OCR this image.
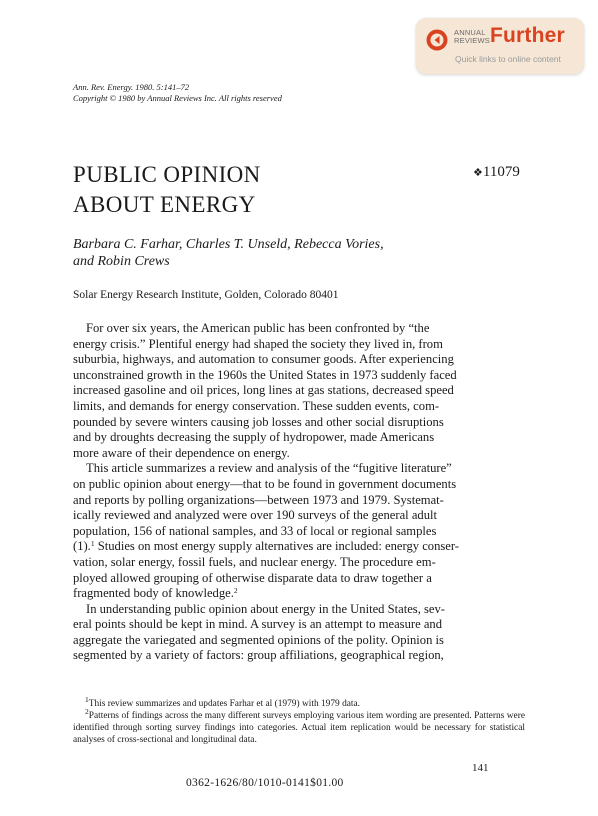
ANNUAL
REVIEWS Further
Quick links to online content
Ann. Rev. Energy. 1980. 5:141–72
Copyright © 1980 by Annual Reviews Inc. All rights reserved
PUBLIC OPINION
ABOUT ENERGY
❖11079
Barbara C. Farhar, Charles T. Unseld, Rebecca Vories,
and Robin Crews
Solar Energy Research Institute, Golden, Colorado 80401

For over six years, the American public has been confronted by “the
energy crisis.” Plentiful energy had shaped the society they lived in, from
suburbia, highways, and automation to consumer goods. After experiencing
unconstrained growth in the 1960s the United States in 1973 suddenly faced
increased gasoline and oil prices, long lines at gas stations, decreased speed
limits, and demands for energy conservation. These sudden events, com-
pounded by severe winters causing job losses and other social disruptions
and by droughts decreasing the supply of hydropower, made Americans
more aware of their dependence on energy.

This article summarizes a review and analysis of the “fugitive literature”
on public opinion about energy—that to be found in government documents
and reports by polling organizations—between 1973 and 1979. Systemat-
ically reviewed and analyzed were over 190 surveys of the general adult
population, 156 of national samples, and 33 of local or regional samples
(1).$^1$ Studies on most energy supply alternatives are included: energy conser-
vation, solar energy, fossil fuels, and nuclear energy. The procedure em-
ployed allowed grouping of otherwise disparate data to draw together a
fragmented body of knowledge.$^2$

In understanding public opinion about energy in the United States, sev-
eral points should be kept in mind. A survey is an attempt to measure and
aggregate the variegated and segmented opinions of the polity. Opinion is
segmented by a variety of factors: group affiliations, geographical region,

$^1$This review summarizes and updates Farhar et al (1979) with 1979 data.

$^2$Patterns of findings across the many different surveys employing various item wording are presented. Patterns were identified through sorting survey findings into categories. Actual item replication would be necessary for statistical analyses of cross-sectional and longitudinal data.

141
0362-1626/80/1010-0141$01.00
